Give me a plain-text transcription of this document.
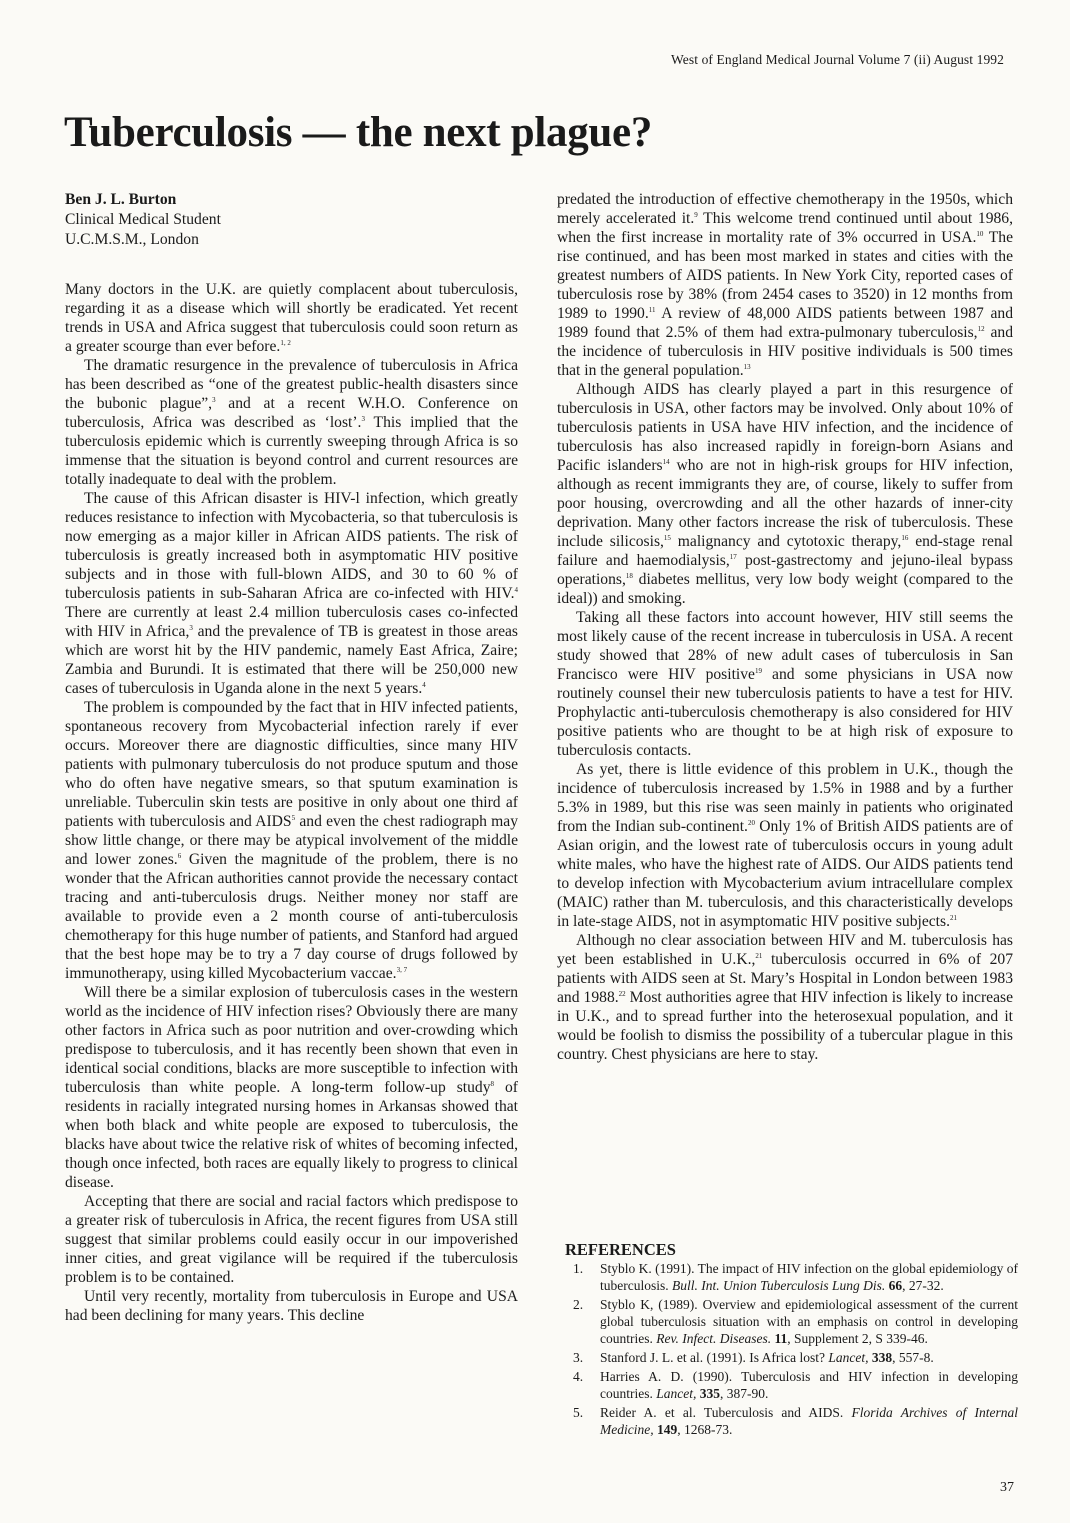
West of England Medical Journal Volume 7 (ii) August 1992
Tuberculosis — the next plague?
Ben J. L. Burton
Clinical Medical Student
U.C.M.S.M., London

Many doctors in the U.K. are quietly complacent about tuberculosis, regarding it as a disease which will shortly be eradicated. Yet recent trends in USA and Africa suggest that tuberculosis could soon return as a greater scourge than ever before.$^{1, 2}$

The dramatic resurgence in the prevalence of tuberculosis in Africa has been described as “one of the greatest public-health disasters since the bubonic plague”,$^3$ and at a recent W.H.O. Conference on tuberculosis, Africa was described as ‘lost’.$^3$ This implied that the tuberculosis epidemic which is currently sweeping through Africa is so immense that the situation is beyond control and current resources are totally inadequate to deal with the problem.

The cause of this African disaster is HIV-l infection, which greatly reduces resistance to infection with Mycobacteria, so that tuberculosis is now emerging as a major killer in African AIDS patients. The risk of tuberculosis is greatly increased both in asymptomatic HIV positive subjects and in those with full-blown AIDS, and 30 to 60 % of tuberculosis patients in sub-Saharan Africa are co-infected with HIV.$^4$ There are currently at least 2.4 million tuberculosis cases co-infected with HIV in Africa,$^3$ and the prevalence of TB is greatest in those areas which are worst hit by the HIV pandemic, namely East Africa, Zaire; Zambia and Burundi. It is estimated that there will be 250,000 new cases of tuberculosis in Uganda alone in the next 5 years.$^4$

The problem is compounded by the fact that in HIV infected patients, spontaneous recovery from Mycobacterial infection rarely if ever occurs. Moreover there are diagnostic difficulties, since many HIV patients with pulmonary tuberculosis do not produce sputum and those who do often have negative smears, so that sputum examination is unreliable. Tuberculin skin tests are positive in only about one third af patients with tuberculosis and AIDS$^5$ and even the chest radiograph may show little change, or there may be atypical involvement of the middle and lower zones.$^6$ Given the magnitude of the problem, there is no wonder that the African authorities cannot provide the necessary contact tracing and anti-tuberculosis drugs. Neither money nor staff are available to provide even a 2 month course of anti-tuberculosis chemotherapy for this huge number of patients, and Stanford had argued that the best hope may be to try a 7 day course of drugs followed by immunotherapy, using killed Mycobacterium vaccae.$^{3, 7}$

Will there be a similar explosion of tuberculosis cases in the western world as the incidence of HIV infection rises? Obviously there are many other factors in Africa such as poor nutrition and over-crowding which predispose to tuberculosis, and it has recently been shown that even in identical social conditions, blacks are more susceptible to infection with tuberculosis than white people. A long-term follow-up study$^8$ of residents in racially integrated nursing homes in Arkansas showed that when both black and white people are exposed to tuberculosis, the blacks have about twice the relative risk of whites of becoming infected, though once infected, both races are equally likely to progress to clinical disease.

Accepting that there are social and racial factors which predispose to a greater risk of tuberculosis in Africa, the recent figures from USA still suggest that similar problems could easily occur in our impoverished inner cities, and great vigilance will be required if the tuberculosis problem is to be contained.

Until very recently, mortality from tuberculosis in Europe and USA had been declining for many years. This decline

predated the introduction of effective chemotherapy in the 1950s, which merely accelerated it.$^9$ This welcome trend continued until about 1986, when the first increase in mortality rate of 3% occurred in USA.$^{10}$ The rise continued, and has been most marked in states and cities with the greatest numbers of AIDS patients. In New York City, reported cases of tuberculosis rose by 38% (from 2454 cases to 3520) in 12 months from 1989 to 1990.11 A review of 48,000 AIDS patients between 1987 and 1989 found that 2.5% of them had extra-pulmonary tuberculosis,$^{12}$ and the incidence of tuberculosis in HIV positive individuals is 500 times that in the general population.$^{13}$

Although AIDS has clearly played a part in this resurgence of tuberculosis in USA, other factors may be involved. Only about 10% of tuberculosis patients in USA have HIV infection, and the incidence of tuberculosis has also increased rapidly in foreign-born Asians and Pacific islanders$^{14}$ who are not in high-risk groups for HIV infection, although as recent immigrants they are, of course, likely to suffer from poor housing, overcrowding and all the other hazards of inner-city deprivation. Many other factors increase the risk of tuberculosis. These include silicosis,$^{15}$ malignancy and cytotoxic therapy,$^{16}$ end-stage renal failure and haemodialysis,$^{17}$ post-gastrectomy and jejuno-ileal bypass operations,$^{18}$ diabetes mellitus, very low body weight (compared to the ideal)) and smoking.

Taking all these factors into account however, HIV still seems the most likely cause of the recent increase in tuberculosis in USA. A recent study showed that 28% of new adult cases of tuberculosis in San Francisco were HIV positive$^{19}$ and some physicians in USA now routinely counsel their new tuberculosis patients to have a test for HIV. Prophylactic anti-tuberculosis chemotherapy is also considered for HIV positive patients who are thought to be at high risk of exposure to tuberculosis contacts.

As yet, there is little evidence of this problem in U.K., though the incidence of tuberculosis increased by 1.5% in 1988 and by a further 5.3% in 1989, but this rise was seen mainly in patients who originated from the Indian sub-continent.$^{20}$ Only 1% of British AIDS patients are of Asian origin, and the lowest rate of tuberculosis occurs in young adult white males, who have the highest rate of AIDS. Our AIDS patients tend to develop infection with Mycobacterium avium intracellulare complex (MAIC) rather than M. tuberculosis, and this characteristically develops in late-stage AIDS, not in asymptomatic HIV positive subjects.$^{21}$

Although no clear association between HIV and M. tuberculosis has yet been established in U.K.,$^{21}$ tuberculosis occurred in 6% of 207 patients with AIDS seen at St. Mary’s Hospital in London between 1983 and 1988.22 Most authorities agree that HIV infection is likely to increase in U.K., and to spread further into the heterosexual population, and it would be foolish to dismiss the possibility of a tubercular plague in this country. Chest physicians are here to stay.

REFERENCES
1.	Styblo K. (1991). The impact of HIV infection on the global epidemiology of tuberculosis. Bull. Int. Union Tuberculosis Lung Dis. 66, 27-32.
2.	Styblo K, (1989). Overview and epidemiological assessment of the current global tuberculosis situation with an emphasis on control in developing countries. Rev. Infect. Diseases. 11, Supplement 2, S 339-46.
3.	Stanford J. L. et al. (1991). Is Africa lost? Lancet, 338, 557-8.
4.	Harries A. D. (1990). Tuberculosis and HIV infection in developing countries. Lancet, 335, 387-90.
5.	Reider A. et al. Tuberculosis and AIDS. Florida Archives of Internal Medicine, 149, 1268-73.
37
